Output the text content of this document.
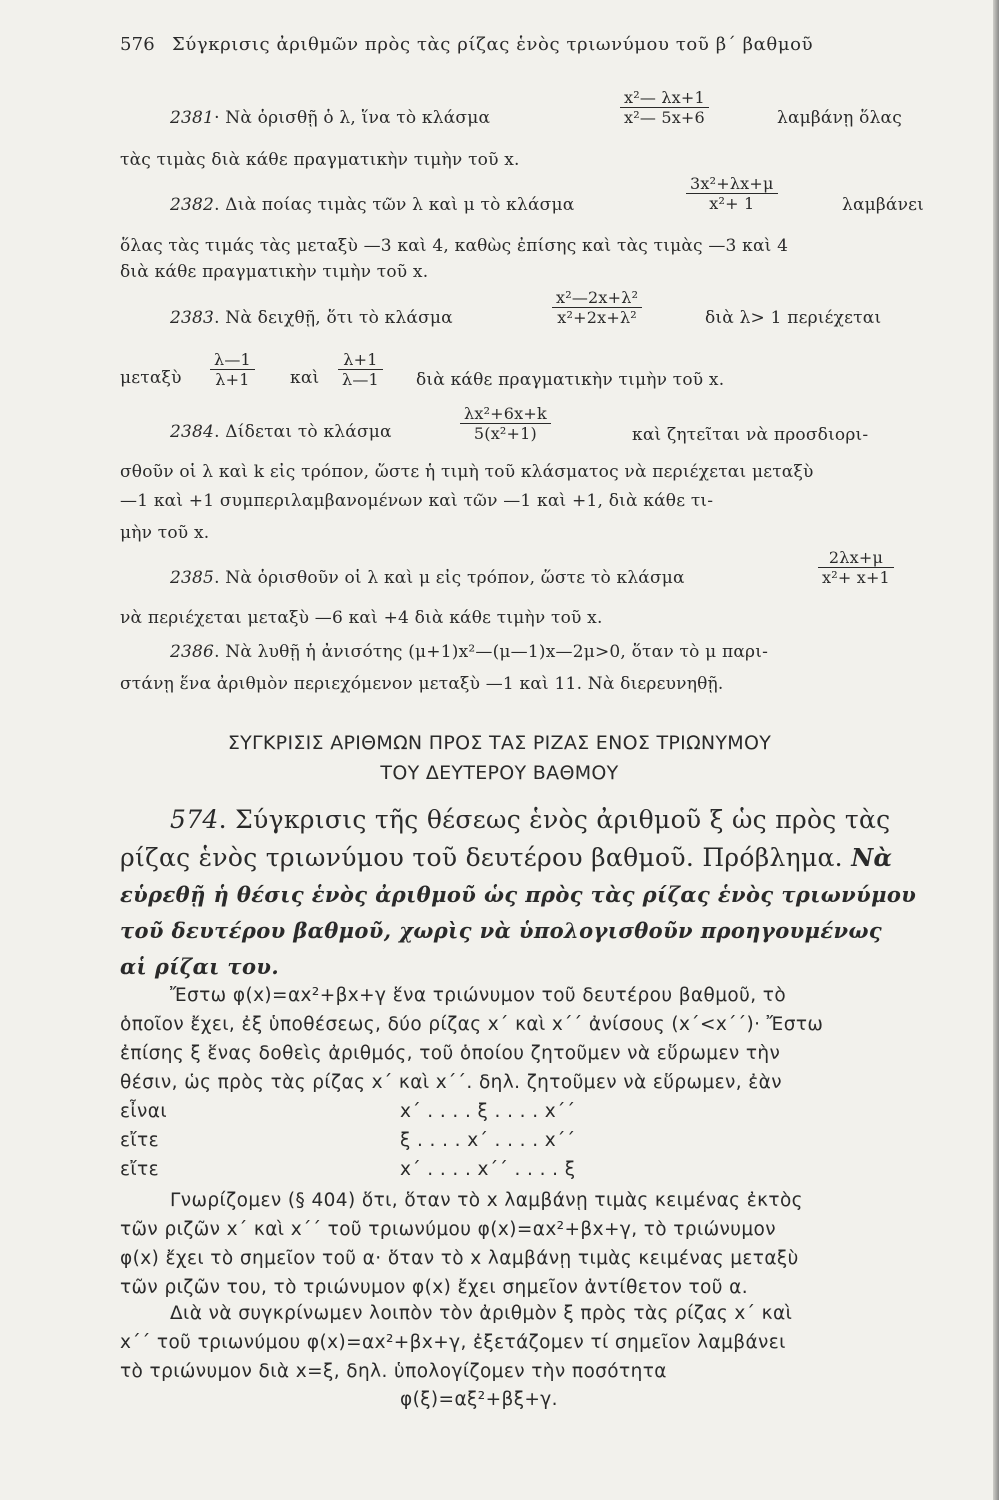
576 Σύγκρισις ἀριθμῶν πρὸς τὰς ρίζας ἑνὸς τριωνύμου τοῦ β΄ βαθμοῦ
2381· Νὰ ὁρισθῇ ὁ λ, ἵνα τὸ κλάσμα	$\frac{\text{x²— λx+1}}{\text{x²— 5x+6}}$	λαμβάνῃ ὅλας
τὰς τιμὰς διὰ κάθε πραγματικὴν τιμὴν τοῦ x.
2382. Διὰ ποίας τιμὰς τῶν λ καὶ μ τὸ κλάσμα	$\frac{\text{3x²+λx+μ}}{\text{x²+ 1}}$	λαμβάνει
ὅλας τὰς τιμάς τὰς μεταξὺ —3 καὶ 4, καθὼς ἐπίσης καὶ τὰς τιμὰς —3 καὶ 4
διὰ κάθε πραγματικὴν τιμὴν τοῦ x.
2383. Νὰ δειχθῇ, ὅτι τὸ κλάσμα	$\frac{\text{x²—2x+λ²}}{\text{x²+2x+λ²}}$	διὰ λ> 1 περιέχεται
μεταξὺ $\frac{\lambda—1}{\lambda+1}$ καὶ $\frac{\lambda+1}{\lambda—1}$ διὰ κάθε πραγματικὴν τιμὴν τοῦ x.
2384. Δίδεται τὸ κλάσμα	$\frac{\text{λx²+6x+k}}{\text{5(x²+1)}}$	καὶ ζητεῖται νὰ προσδιορι-
σθοῦν οἱ λ καὶ k εἰς τρόπον, ὥστε ἡ τιμὴ τοῦ κλάσματος νὰ περιέχεται μεταξὺ
—1 καὶ +1 συμπεριλαμβανομένων καὶ τῶν —1 καὶ +1, διὰ κάθε τι-
μὴν τοῦ x.
2385. Νὰ ὁρισθοῦν οἱ λ καὶ μ εἰς τρόπον, ὥστε τὸ κλάσμα	$\frac{2\lambda x+\mu}{\text{x²+ x+1}}$
νὰ περιέχεται μεταξὺ —6 καὶ +4 διὰ κάθε τιμὴν τοῦ x.
2386. Νὰ λυθῇ ἡ ἀνισότης (μ+1)x²—(μ—1)x—2μ>0, ὅταν τὸ μ παρι-
στάνῃ ἕνα ἀριθμὸν περιεχόμενον μεταξὺ —1 καὶ 11. Νὰ διερευνηθῇ.
ΣΥΓΚΡΙΣΙΣ ΑΡΙΘΜΩΝ ΠΡΟΣ ΤΑΣ ΡΙΖΑΣ ΕΝΟΣ ΤΡΙΩΝΥΜΟΥ
ΤΟΥ ΔΕΥΤΕΡΟΥ ΒΑΘΜΟΥ
574. Σύγκρισις τῆς θέσεως ἑνὸς ἀριθμοῦ ξ ὡς πρὸς τὰς
ρίζας ἑνὸς τριωνύμου τοῦ δευτέρου βαθμοῦ. Πρόβλημα. Νὰ
εὑρεθῇ ἡ θέσις ἑνὸς ἀριθμοῦ ὡς πρὸς τὰς ρίζας ἑνὸς τριωνύμου
τοῦ δευτέρου βαθμοῦ, χωρὶς νὰ ὑπολογισθοῦν προηγουμένως
αἱ ρίζαι του.
Ἔστω φ(x)=αx²+βx+γ ἕνα τριώνυμον τοῦ δευτέρου βαθμοῦ, τὸ
ὁποῖον ἔχει, ἐξ ὑποθέσεως, δύο ρίζας x΄ καὶ x΄΄ ἀνίσους (x΄<x΄΄)· Ἔστω
ἐπίσης ξ ἕνας δοθεὶς ἀριθμός, τοῦ ὁποίου ζητοῦμεν νὰ εὕρωμεν τὴν
θέσιν, ὡς πρὸς τὰς ρίζας x΄ καὶ x΄΄. δηλ. ζητοῦμεν νὰ εὕρωμεν, ἐὰν
εἶναι	x΄ . . . . ξ . . . . x΄΄
εἴτε	ξ . . . . x΄ . . . . x΄΄
εἴτε	x΄ . . . . x΄΄ . . . . ξ
Γνωρίζομεν (§ 404) ὅτι, ὅταν τὸ x λαμβάνῃ τιμὰς κειμένας ἐκτὸς
τῶν ριζῶν x΄ καὶ x΄΄ τοῦ τριωνύμου φ(x)=αx²+βx+γ, τὸ τριώνυμον
φ(x) ἔχει τὸ σημεῖον τοῦ α· ὅταν τὸ x λαμβάνῃ τιμὰς κειμένας μεταξὺ
τῶν ριζῶν του, τὸ τριώνυμον φ(x) ἔχει σημεῖον ἀντίθετον τοῦ α.
Διὰ νὰ συγκρίνωμεν λοιπὸν τὸν ἀριθμὸν ξ πρὸς τὰς ρίζας x΄ καὶ
x΄΄ τοῦ τριωνύμου φ(x)=αx²+βx+γ, ἐξετάζομεν τί σημεῖον λαμβάνει
τὸ τριώνυμον διὰ x=ξ, δηλ. ὑπολογίζομεν τὴν ποσότητα
φ(ξ)=αξ²+βξ+γ.
